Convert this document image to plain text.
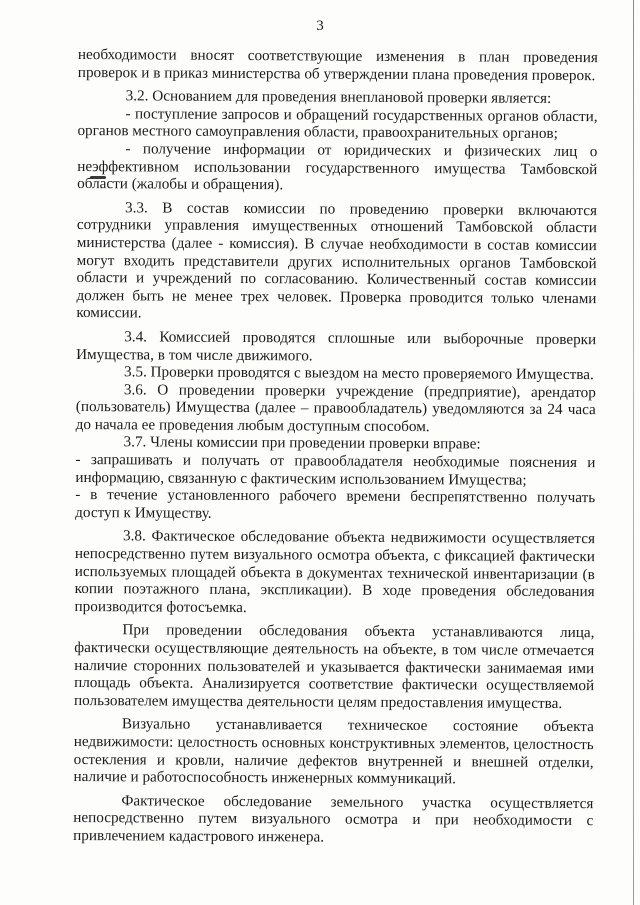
3

необходимости вносят соответствующие изменения в план проведения проверок и в приказ министерства об утверждении плана проведения проверок.

3.2. Основанием для проведения внеплановой проверки является:

- поступление запросов и обращений государственных органов области, органов местного самоуправления области, правоохранительных органов;

- получение информации от юридических и физических лиц о неэффективном использовании государственного имущества Тамбовской области (жалобы и обращения).

3.3. В состав комиссии по проведению проверки включаются сотрудники управления имущественных отношений Тамбовской области министерства (далее - комиссия). В случае необходимости в состав комиссии могут входить представители других исполнительных органов Тамбовской области и учреждений по согласованию. Количественный состав комиссии должен быть не менее трех человек. Проверка проводится только членами комиссии.

3.4. Комиссией проводятся сплошные или выборочные проверки Имущества, в том числе движимого.

3.5. Проверки проводятся с выездом на место проверяемого Имущества.

3.6. О проведении проверки учреждение (предприятие), арендатор (пользователь) Имущества (далее – правообладатель) уведомляются за 24 часа до начала ее проведения любым доступным способом.

3.7. Члены комиссии при проведении проверки вправе:

- запрашивать и получать от правообладателя необходимые пояснения и информацию, связанную с фактическим использованием Имущества;

- в течение установленного рабочего времени беспрепятственно получать доступ к Имуществу.

3.8. Фактическое обследование объекта недвижимости осуществляется непосредственно путем визуального осмотра объекта, с фиксацией фактически используемых площадей объекта в документах технической инвентаризации (в копии поэтажного плана, экспликации). В ходе проведения обследования производится фотосъемка.

При проведении обследования объекта устанавливаются лица, фактически осуществляющие деятельность на объекте, в том числе отмечается наличие сторонних пользователей и указывается фактически занимаемая ими площадь объекта. Анализируется соответствие фактически осуществляемой пользователем имущества деятельности целям предоставления имущества.

Визуально устанавливается техническое состояние объекта недвижимости: целостность основных конструктивных элементов, целостность остекления и кровли, наличие дефектов внутренней и внешней отделки, наличие и работоспособность инженерных коммуникаций.

Фактическое обследование земельного участка осуществляется непосредственно путем визуального осмотра и при необходимости с привлечением кадастрового инженера.
